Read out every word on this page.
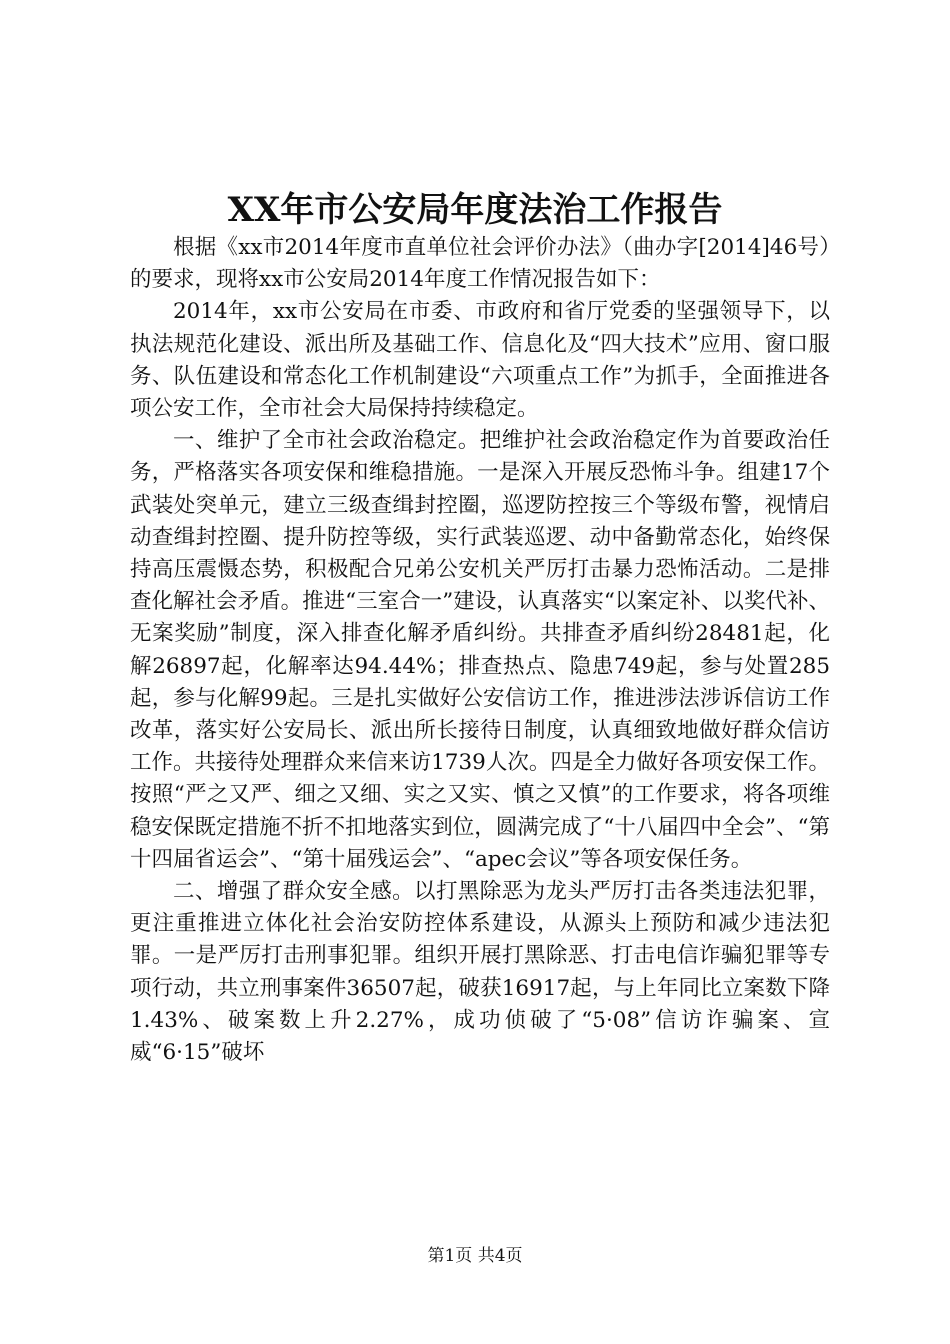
XX年市公安局年度法治工作报告

根据《xx市2014年度市直单位社会评价办法》（曲办字[2014]46号）的要求，现将xx市公安局2014年度工作情况报告如下：

2014年，xx市公安局在市委、市政府和省厅党委的坚强领导下，以执法规范化建设、派出所及基础工作、信息化及“四大技术”应用、窗口服务、队伍建设和常态化工作机制建设“六项重点工作”为抓手，全面推进各项公安工作，全市社会大局保持持续稳定。

一、维护了全市社会政治稳定。把维护社会政治稳定作为首要政治任务，严格落实各项安保和维稳措施。一是深入开展反恐怖斗争。组建17个武装处突单元，建立三级查缉封控圈，巡逻防控按三个等级布警，视情启动查缉封控圈、提升防控等级，实行武装巡逻、动中备勤常态化，始终保持高压震慑态势，积极配合兄弟公安机关严厉打击暴力恐怖活动。二是排查化解社会矛盾。推进“三室合一”建设，认真落实“以案定补、以奖代补、无案奖励”制度，深入排查化解矛盾纠纷。共排查矛盾纠纷28481起，化解26897起，化解率达94.44%；排查热点、隐患749起，参与处置285起，参与化解99起。三是扎实做好公安信访工作，推进涉法涉诉信访工作改革，落实好公安局长、派出所长接待日制度，认真细致地做好群众信访工作。共接待处理群众来信来访1739人次。四是全力做好各项安保工作。按照“严之又严、细之又细、实之又实、慎之又慎”的工作要求，将各项维稳安保既定措施不折不扣地落实到位，圆满完成了“十八届四中全会”、“第十四届省运会”、“第十届残运会”、“apec会议”等各项安保任务。

二、增强了群众安全感。以打黑除恶为龙头严厉打击各类违法犯罪，更注重推进立体化社会治安防控体系建设，从源头上预防和减少违法犯罪。一是严厉打击刑事犯罪。组织开展打黑除恶、打击电信诈骗犯罪等专项行动，共立刑事案件36507起，破获16917起，与上年同比立案数下降1.43%、破案数上升2.27%，成功侦破了“5·08”信访诈骗案、宣威“6·15”破坏

第1页 共4页
